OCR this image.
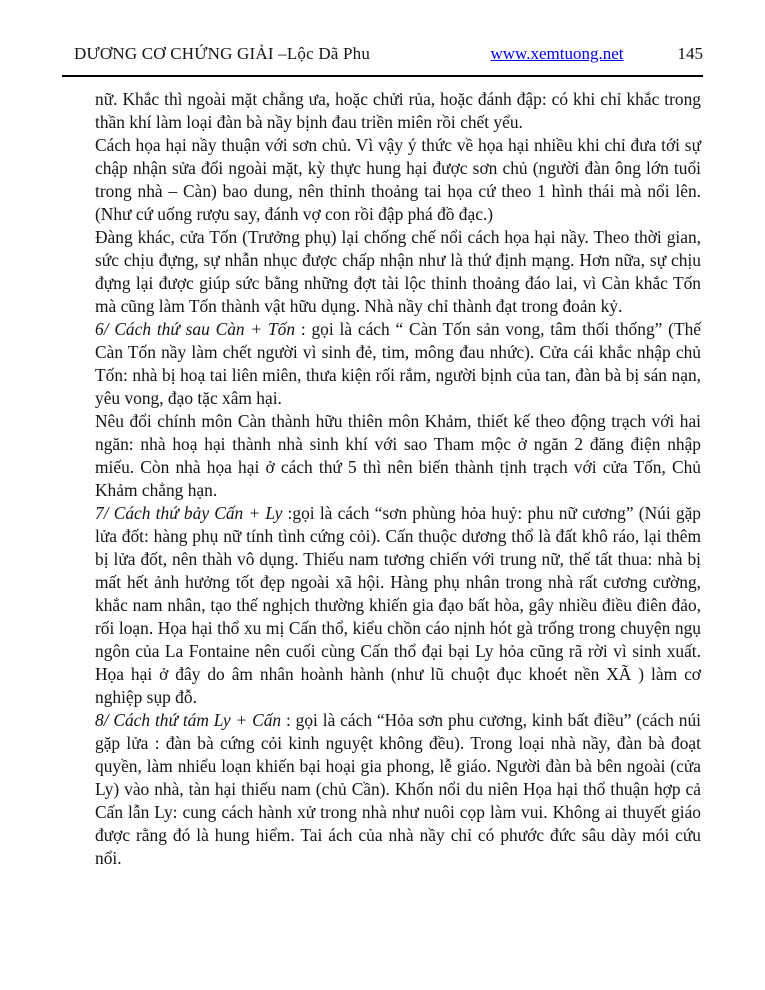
DƯƠNG CƠ CHỨNG GIẢI –Lộc Dã Phu	www.xemtuong.net	145

nữ. Khắc thì ngoài mặt chẳng ưa, hoặc chửi rủa, hoặc đánh đập: có khi chỉ khắc trong thần khí làm loại đàn bà nầy bịnh đau triền miên rồi chết yểu.

Cách họa hại nầy thuận với sơn chủ. Vì vậy ý thức về họa hại nhiều khi chỉ đưa tới sự chập nhận sửa đổi ngoài mặt, kỳ thực hung hại được sơn chủ (người đàn ông lớn tuổi trong nhà – Càn) bao dung, nên thỉnh thoảng tai họa cứ theo 1 hình thái mà nổi lên. (Như cứ uống rượu say, đánh vợ con rồi đập phá đồ đạc.)

Đàng khác, cửa Tốn (Trưởng phụ) lại chống chế nổi cách họa hại nầy. Theo thời gian, sức chịu đựng, sự nhẫn nhục được chấp nhận như là thứ định mạng. Hơn nữa, sự chịu đựng lại được giúp sức bằng những đợt tài lộc thỉnh thoảng đáo lai, vì Càn khắc Tốn mà cũng làm Tốn thành vật hữu dụng. Nhà nầy chỉ thành đạt trong đoản kỷ.

6/ Cách thứ sau Càn + Tốn : gọi là cách “ Càn Tốn sản vong, tâm thối thống” (Thế Càn Tốn nầy làm chết người vì sinh đẻ, tim, mông đau nhức). Cửa cái khắc nhập chủ Tốn: nhà bị hoạ tai liên miên, thưa kiện rối rắm, người bịnh của tan, đàn bà bị sán nạn, yêu vong, đạo tặc xâm hại.

Nêu đổi chính môn Càn thành hữu thiên môn Khảm, thiết kế theo động trạch với hai ngăn: nhà hoạ hại thành nhà sinh khí với sao Tham mộc ở ngăn 2 đăng điện nhập miếu. Còn nhà họa hại ở cách thứ 5 thì nên biến thành tịnh trạch với cửa Tốn, Chủ Khảm chẳng hạn.

7/ Cách thứ bảy Cấn + Ly :gọi là cách “sơn phùng hỏa huỷ: phu nữ cương” (Núi gặp lửa đốt: hàng phụ nữ tính tình cứng cỏi). Cấn thuộc dương thổ là đất khô ráo, lại thêm bị lửa đốt, nên thàh vô dụng. Thiếu nam tương chiến với trung nữ, thế tất thua: nhà bị mất hết ảnh hưởng tốt đẹp ngoài xã hội. Hàng phụ nhân trong nhà rất cương cường, khắc nam nhân, tạo thế nghịch thường khiến gia đạo bất hòa, gây nhiều điều điên đảo, rối loạn. Họa hại thổ xu mị Cấn thổ, kiểu chồn cáo nịnh hót gà trống trong chuyện ngụ ngôn của La Fontaine nên cuối cùng Cấn thổ đại bại Ly hỏa cũng rã rời vì sinh xuất. Họa hại ở đây do âm nhân hoành hành (như lũ chuột đục khoét nền XÃ ) làm cơ nghiệp sụp đỗ.

8/ Cách thứ tám Ly + Cấn : gọi là cách “Hỏa sơn phu cương, kinh bất điều” (cách núi gặp lửa : đàn bà cứng cỏi kinh nguyệt không đều). Trong loại nhà nầy, đàn bà đoạt quyền, làm nhiểu loạn khiến bại hoại gia phong, lễ giáo. Người đàn bà bên ngoài (cửa Ly) vào nhà, tàn hại thiếu nam (chủ Cần). Khốn nổi du niên Họa hại thổ thuận hợp cả Cấn lẫn Ly: cung cách hành xử trong nhà như nuôi cọp làm vui. Không ai thuyết giáo được rằng đó là hung hiểm. Tai ách của nhà nầy chỉ có phước đức sâu dày mói cứu nổi.
